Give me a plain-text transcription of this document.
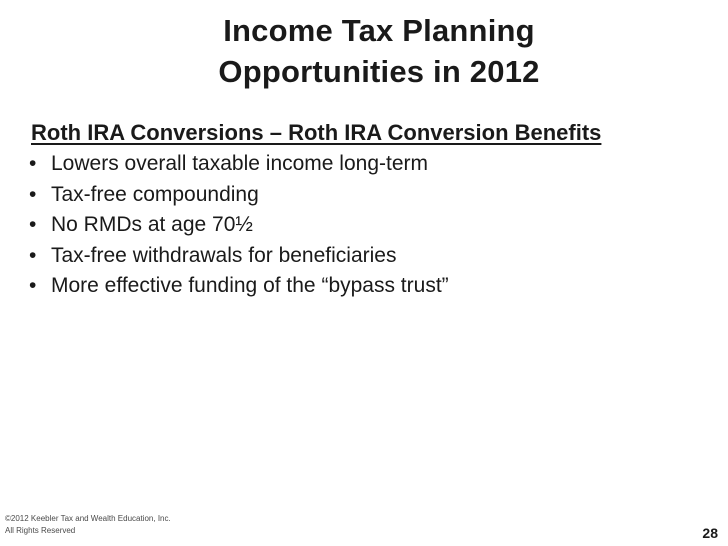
Income Tax Planning
Opportunities in 2012
Roth IRA Conversions – Roth IRA Conversion Benefits
• Lowers overall taxable income long-term
• Tax-free compounding
• No RMDs at age 70½
• Tax-free withdrawals for beneficiaries
• More effective funding of the “bypass trust”
©2012 Keebler Tax and Wealth Education, Inc.
All Rights Reserved	28
